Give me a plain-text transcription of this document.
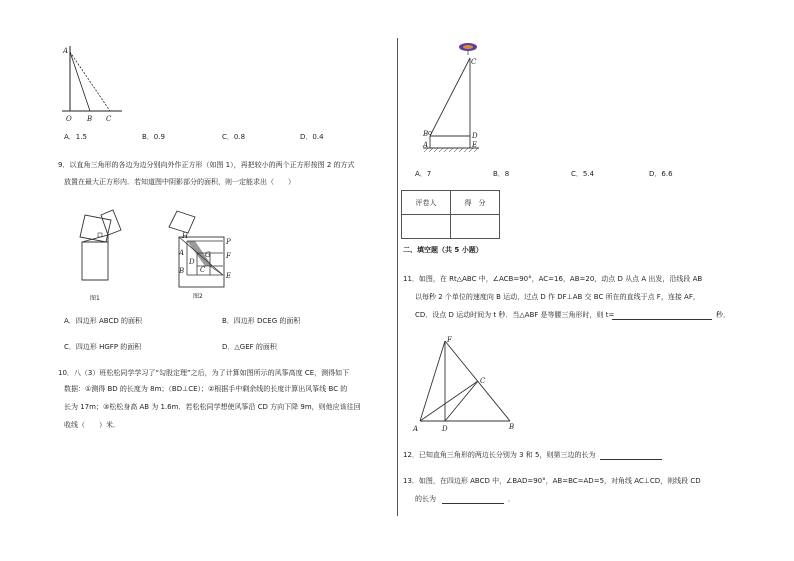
A
O B C
A．1.5	B．0.9	C．0.8	D．0.4
9．以直角三角形的各边为边分别向外作正方形（如图 1），再把较小的两个正方形按图 2 的方式
放置在最大正方形内．若知道图中阴影部分的面积，则一定能求出（　　）
图1
H
P
A	G
D
F
B C
E
图2
A．四边形 ABCD 的面积	B．四边形 DCEG 的面积
C．四边形 HGFP 的面积	D．△GEF 的面积
10．八（3）班松松同学学习了“勾股定理”之后，为了计算如图所示的风筝高度 CE，测得如下
数据：①测得 BD 的长度为 8m；（BD⊥CE）；②根据手中剩余线的长度计算出风筝线 BC 的
长为 17m；③松松身高 AB 为 1.6m．若松松同学想使风筝沿 CD 方向下降 9m，则他应该往回
收线（　　）米．
C
B	D
A	E
A．7	B．8	C．5.4	D．6.6
评卷人	得　分

二、填空题（共 5 小题）
11．如图，在 Rt△ABC 中，∠ACB=90°，AC=16，AB=20，动点 D 从点 A 出发，沿线段 AB
以每秒 2 个单位的速度向 B 运动，过点 D 作 DF⊥AB 交 BC 所在的直线于点 F，连接 AF，
CD．设点 D 运动时间为 t 秒．当△ABF 是等腰三角形时，则 t=	秒．
F
C
A	D	B
12．已知直角三角形的两边长分别为 3 和 5，则第三边的长为
13．如图，在四边形 ABCD 中，∠BAD=90°，AB=BC=AD=5，对角线 AC⊥CD，则线段 CD
的长为	．
